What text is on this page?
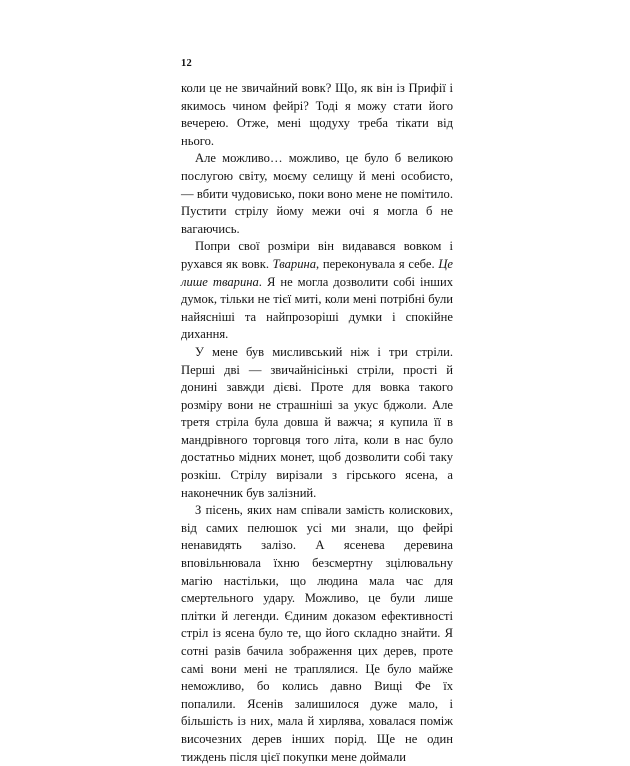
12

коли це не звичайний вовк? Що, як він із Прифії і якимось чином фейрі? Тоді я можу стати його вечерею. Отже, мені щодуху треба тікати від нього.

Але можливо… можливо, це було б великою послугою світу, моєму селищу й мені особисто, — вбити чудовисько, поки воно мене не помітило. Пустити стрілу йому межи очі я могла б не вагаючись.

Попри свої розміри він видавався вовком і рухався як вовк. Тварина, переконувала я себе. Це лише тварина. Я не могла дозволити собі інших думок, тільки не тієї миті, коли мені потрібні були найясніші та найпрозоріші думки і спокійне дихання.

У мене був мисливський ніж і три стріли. Перші дві — звичайнісінькі стріли, прості й донині завжди дієві. Проте для вовка такого розміру вони не страшніші за укус бджоли. Але третя стріла була довша й важча; я купила її в мандрівного торговця того літа, коли в нас було достатньо мідних монет, щоб дозволити собі таку розкіш. Стрілу вирізали з гірського ясена, а наконечник був залізний.

З пісень, яких нам співали замість колискових, від самих пелюшок усі ми знали, що фейрі ненавидять залізо. А ясенева деревина вповільнювала їхню безсмертну зцілювальну магію настільки, що людина мала час для смертельного удару. Можливо, це були лише плітки й легенди. Єдиним доказом ефективності стріл із ясена було те, що його складно знайти. Я сотні разів бачила зображення цих дерев, проте самі вони мені не траплялися. Це було майже неможливо, бо колись давно Вищі Фе їх попалили. Ясенів залишилося дуже мало, і більшість із них, мала й хирлява, ховалася поміж височезних дерев інших порід. Ще не один тиждень після цієї покупки мене доймали
